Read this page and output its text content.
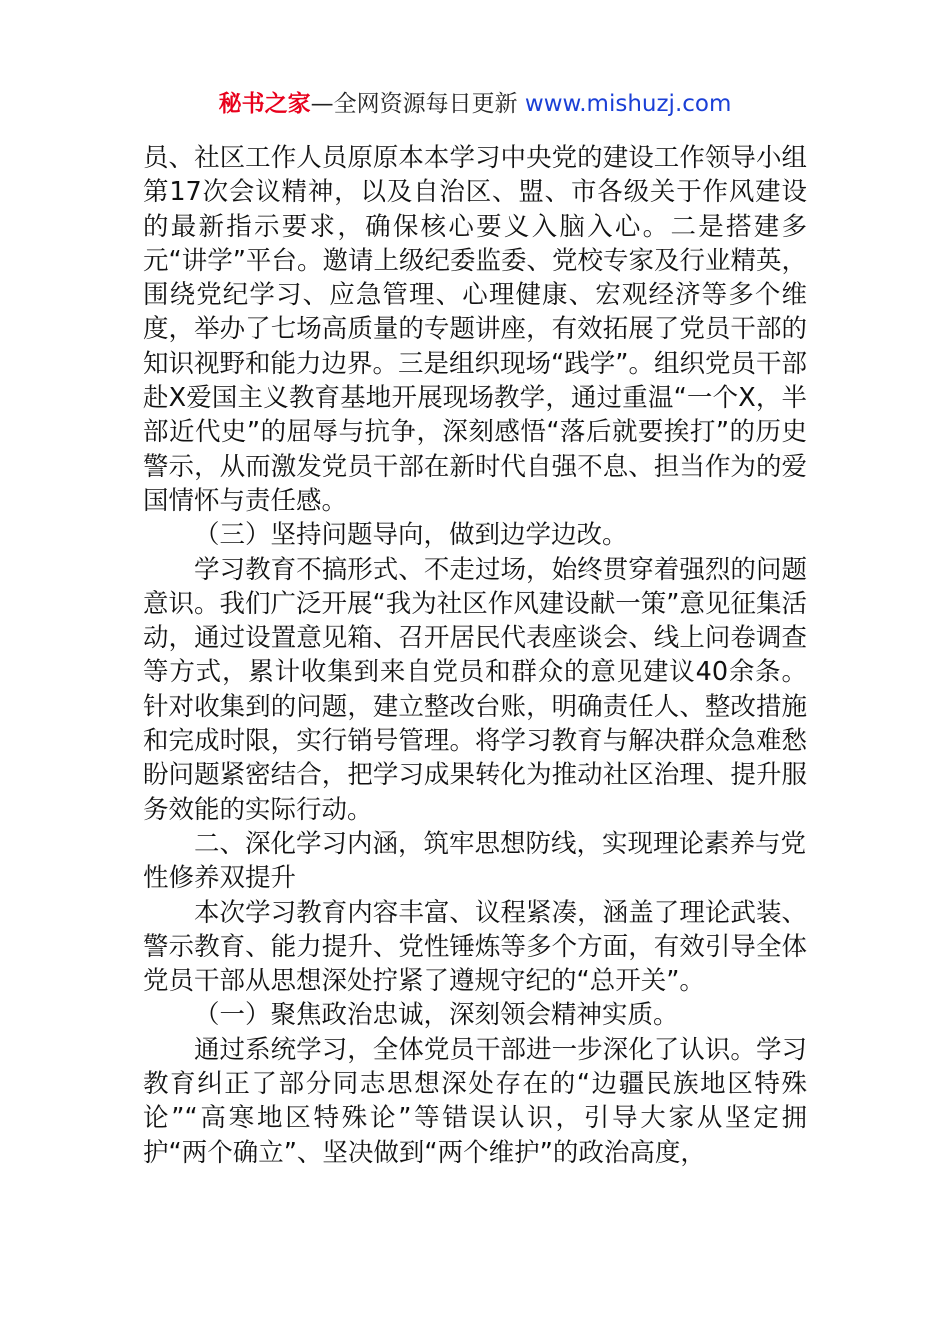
秘书之家—全网资源每日更新 www.mishuzj.com

员、社区工作人员原原本本学习中央党的建设工作领导小组第17次会议精神，以及自治区、盟、市各级关于作风建设的最新指示要求，确保核心要义入脑入心。二是搭建多元“讲学”平台。邀请上级纪委监委、党校专家及行业精英，围绕党纪学习、应急管理、心理健康、宏观经济等多个维度，举办了七场高质量的专题讲座，有效拓展了党员干部的知识视野和能力边界。三是组织现场“践学”。组织党员干部赴X爱国主义教育基地开展现场教学，通过重温“一个X，半部近代史”的屈辱与抗争，深刻感悟“落后就要挨打”的历史警示，从而激发党员干部在新时代自强不息、担当作为的爱国情怀与责任感。

（三）坚持问题导向，做到边学边改。

学习教育不搞形式、不走过场，始终贯穿着强烈的问题意识。我们广泛开展“我为社区作风建设献一策”意见征集活动，通过设置意见箱、召开居民代表座谈会、线上问卷调查等方式，累计收集到来自党员和群众的意见建议40余条。针对收集到的问题，建立整改台账，明确责任人、整改措施和完成时限，实行销号管理。将学习教育与解决群众急难愁盼问题紧密结合，把学习成果转化为推动社区治理、提升服务效能的实际行动。

二、深化学习内涵，筑牢思想防线，实现理论素养与党性修养双提升

本次学习教育内容丰富、议程紧凑，涵盖了理论武装、警示教育、能力提升、党性锤炼等多个方面，有效引导全体党员干部从思想深处拧紧了遵规守纪的“总开关”。

（一）聚焦政治忠诚，深刻领会精神实质。

通过系统学习，全体党员干部进一步深化了认识。学习教育纠正了部分同志思想深处存在的“边疆民族地区特殊论”“高寒地区特殊论”等错误认识，引导大家从坚定拥护“两个确立”、坚决做到“两个维护”的政治高度，
